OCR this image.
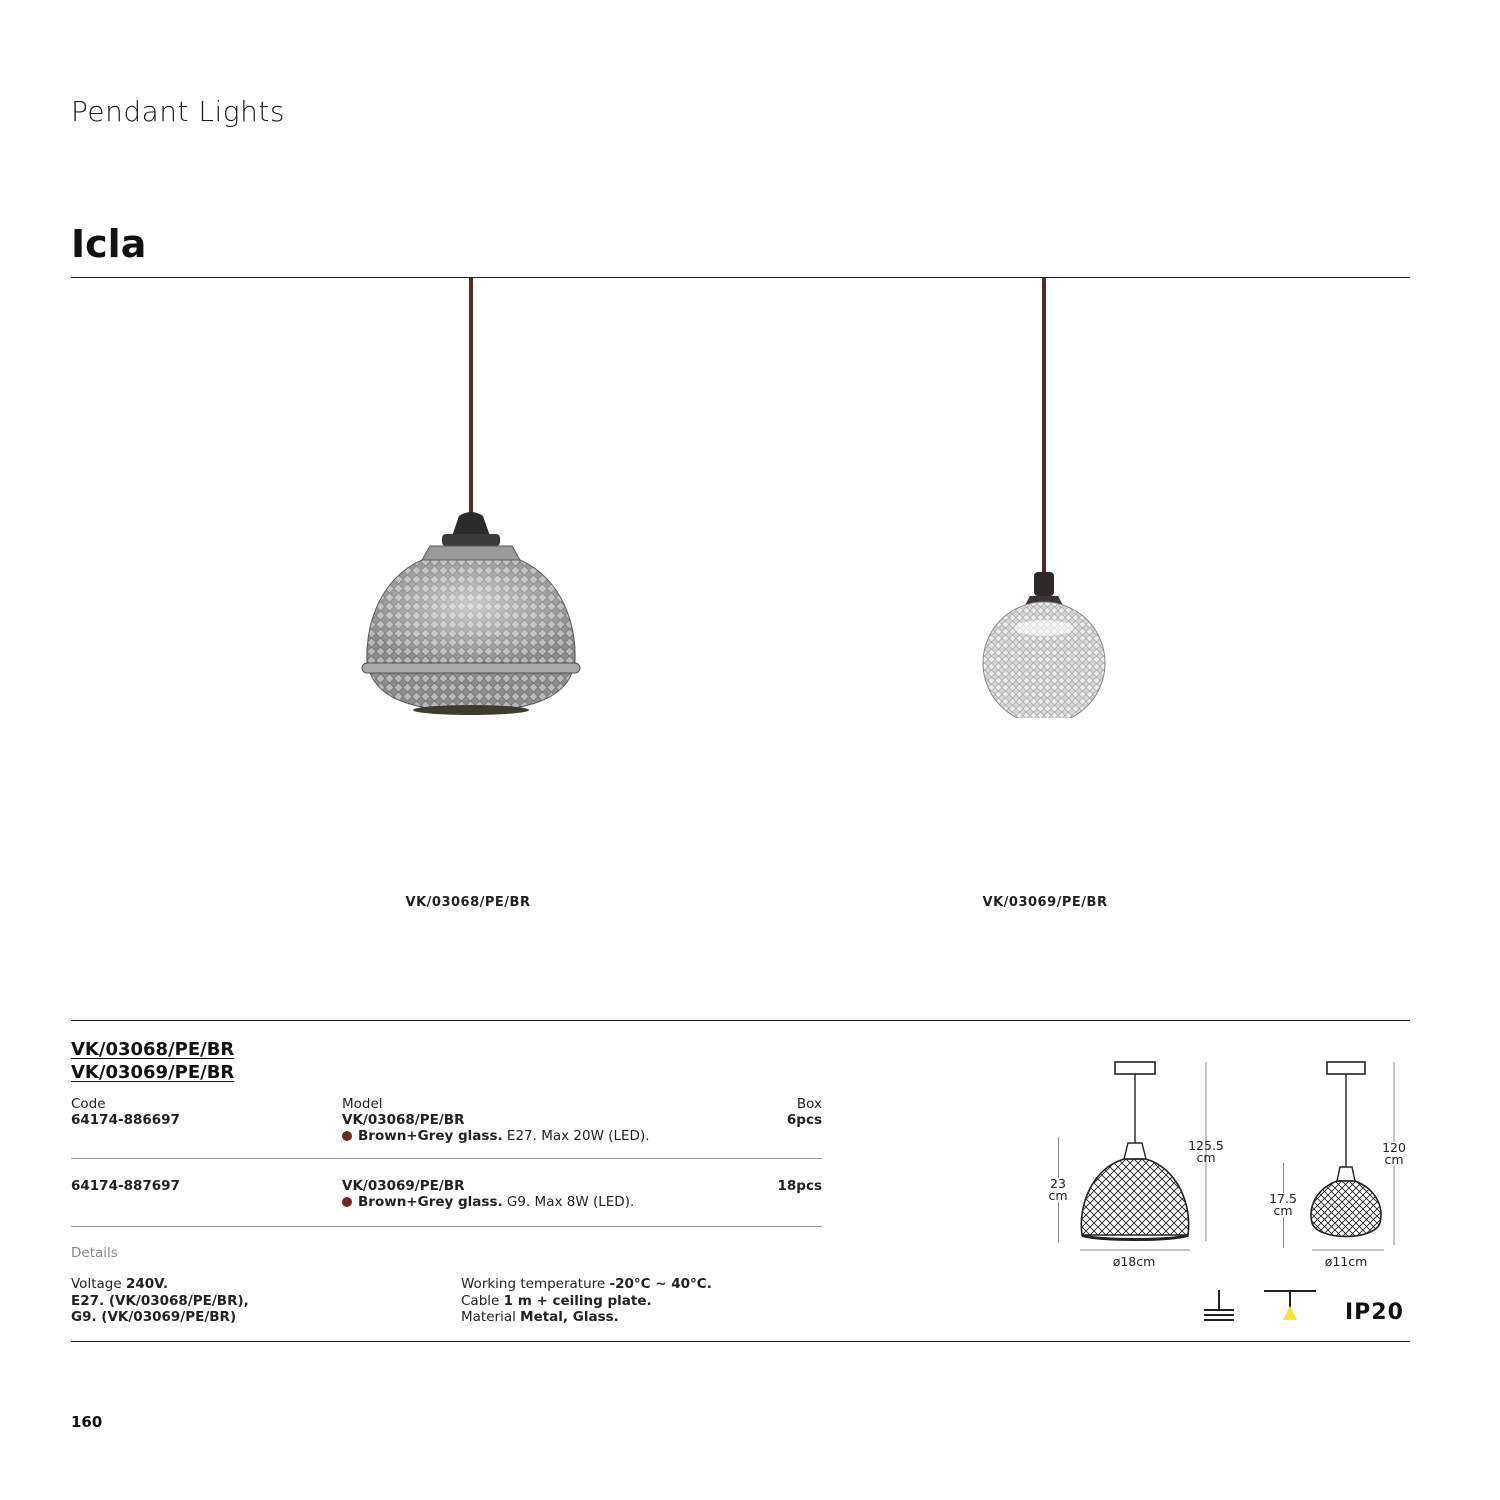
Pendant Lights
Icla
VK/03068/PE/BR	VK/03069/PE/BR
VK/03068/PE/BR
VK/03069/PE/BR
Code	Model	Box
64174-886697	VK/03068/PE/BR	6pcs
Brown+Grey glass. E27. Max 20W (LED).
64174-887697	VK/03069/PE/BR	18pcs
Brown+Grey glass. G9. Max 8W (LED).
Details
Voltage 240V.
E27. (VK/03068/PE/BR),
G9. (VK/03069/PE/BR)
Working temperature -20°C ~ 40°C.
Cable 1 m + ceiling plate.
Material Metal, Glass.
125.5
cm
23
cm
ø18cm
120
cm
17.5
cm
ø11cm
IP20
160
